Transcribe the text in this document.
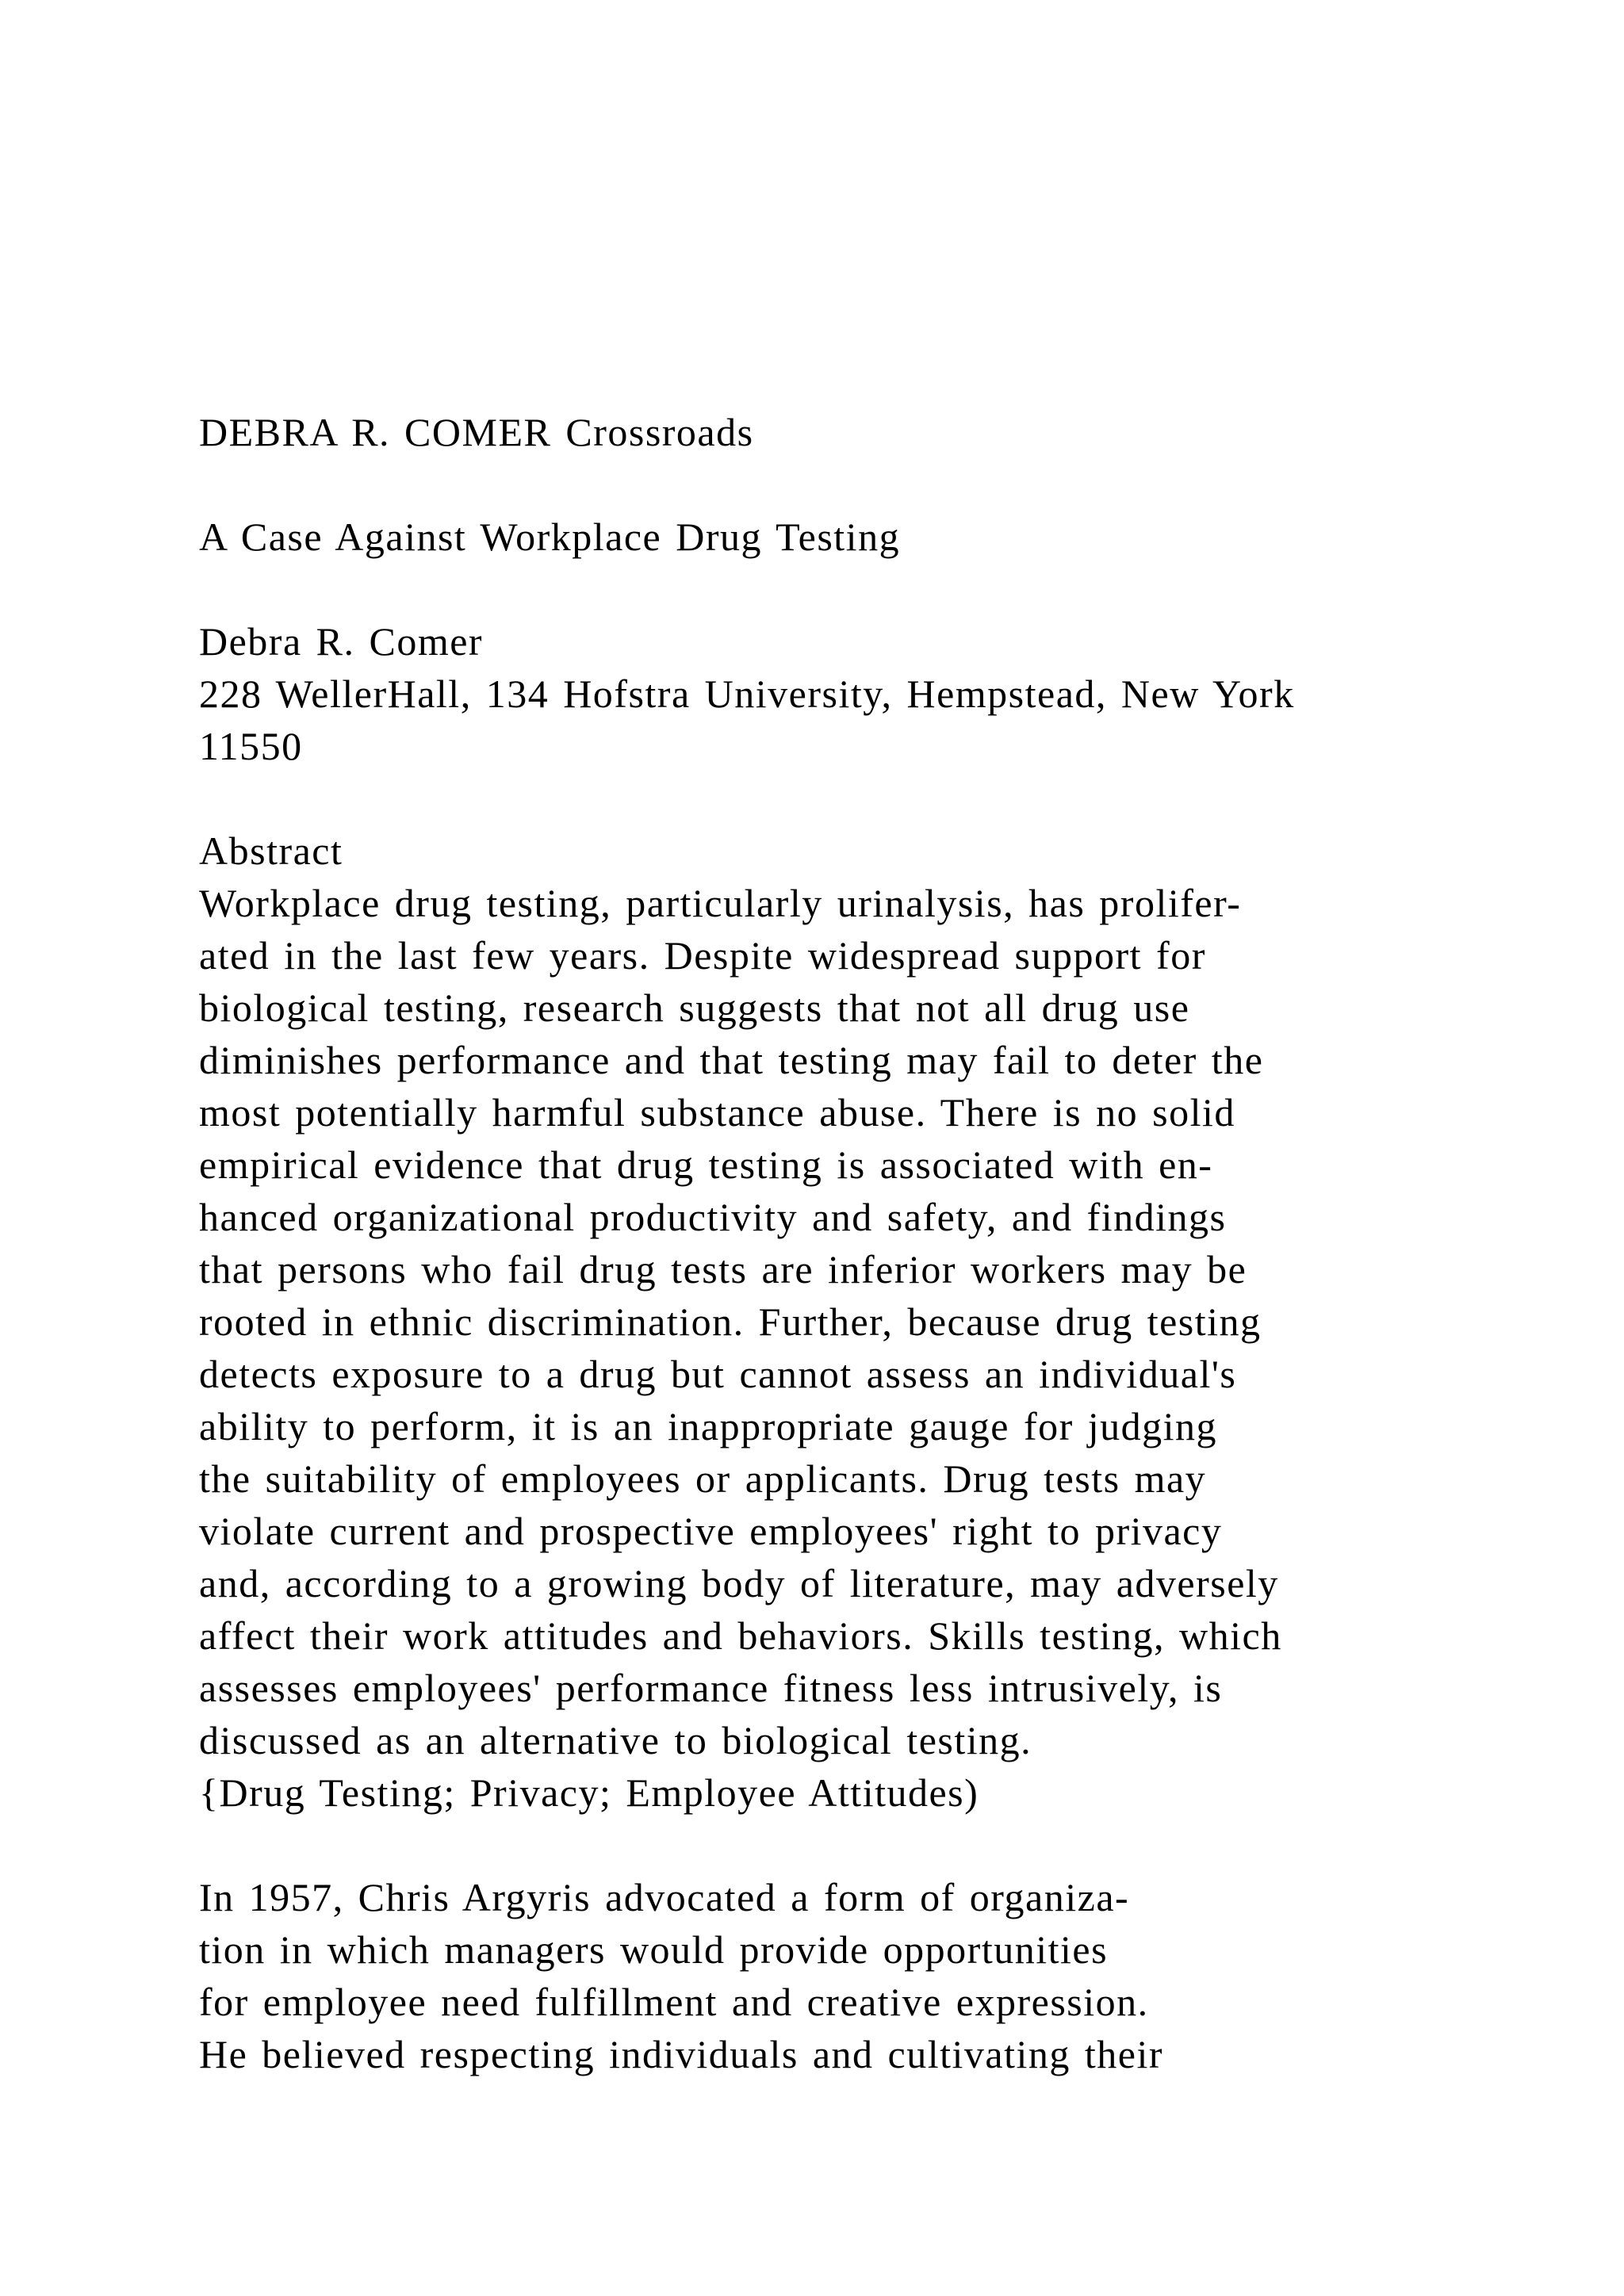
DEBRA R. COMER Crossroads
A Case Against Workplace Drug Testing
Debra R. Comer
228 WellerHall, 134 Hofstra University, Hempstead, New York
11550
Abstract
Workplace drug testing, particularly urinalysis, has prolifer-
ated in the last few years. Despite widespread support for
biological testing, research suggests that not all drug use
diminishes performance and that testing may fail to deter the
most potentially harmful substance abuse. There is no solid
empirical evidence that drug testing is associated with en-
hanced organizational productivity and safety, and findings
that persons who fail drug tests are inferior workers may be
rooted in ethnic discrimination. Further, because drug testing
detects exposure to a drug but cannot assess an individual's
ability to perform, it is an inappropriate gauge for judging
the suitability of employees or applicants. Drug tests may
violate current and prospective employees' right to privacy
and, according to a growing body of literature, may adversely
affect their work attitudes and behaviors. Skills testing, which
assesses employees' performance fitness less intrusively, is
discussed as an alternative to biological testing.
{Drug Testing; Privacy; Employee Attitudes)
In 1957, Chris Argyris advocated a form of organiza-
tion in which managers would provide opportunities
for employee need fulfillment and creative expression.
He believed respecting individuals and cultivating their
